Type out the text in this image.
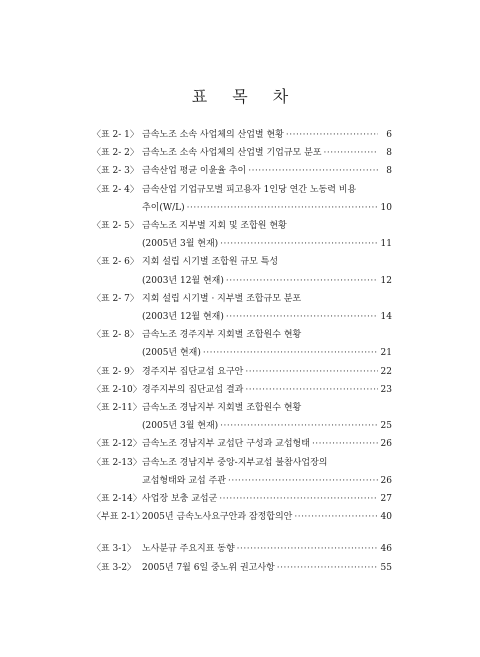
표 목 차
〈표 2- 1〉 금속노조 소속 사업체의 산업별 현황 ·····	6
〈표 2- 2〉 금속노조 소속 사업체의 산업별 기업규모 분포 ·····	8
〈표 2- 3〉 금속산업 평균 이윤율 추이 ·····	8
〈표 2- 4〉 금속산업 기업규모별 피고용자 1인당 연간 노동력 비용
추이(W/L) ·····	10
〈표 2- 5〉 금속노조 지부별 지회 및 조합원 현황
(2005년 3월 현재) ·····	11
〈표 2- 6〉 지회 설립 시기별 조합원 규모 특성
(2003년 12월 현재) ·····	12
〈표 2- 7〉 지회 설립 시기별 · 지부별 조합규모 분포
(2003년 12월 현재) ·····	14
〈표 2- 8〉 금속노조 경주지부 지회별 조합원수 현황
(2005년 현재) ·····	21
〈표 2- 9〉 경주지부 집단교섭 요구안 ·····	22
〈표 2-10〉 경주지부의 집단교섭 결과 ·····	23
〈표 2-11〉 금속노조 경남지부 지회별 조합원수 현황
(2005년 3월 현재) ·····	25
〈표 2-12〉 금속노조 경남지부 교섭단 구성과 교섭형태 ·····	26
〈표 2-13〉 금속노조 경남지부 중앙-지부교섭 불참사업장의
교섭형태와 교섭 주관 ·····	26
〈표 2-14〉 사업장 보충 교섭군 ·····	27
〈부표 2-1〉
2005년 금속노사요구안과 잠정합의안 ·····	40
〈표 3-1〉 노사분규 주요지표 동향 ·····	46
〈표 3-2〉 2005년 7월 6일 중노위 권고사항 ·····	55
